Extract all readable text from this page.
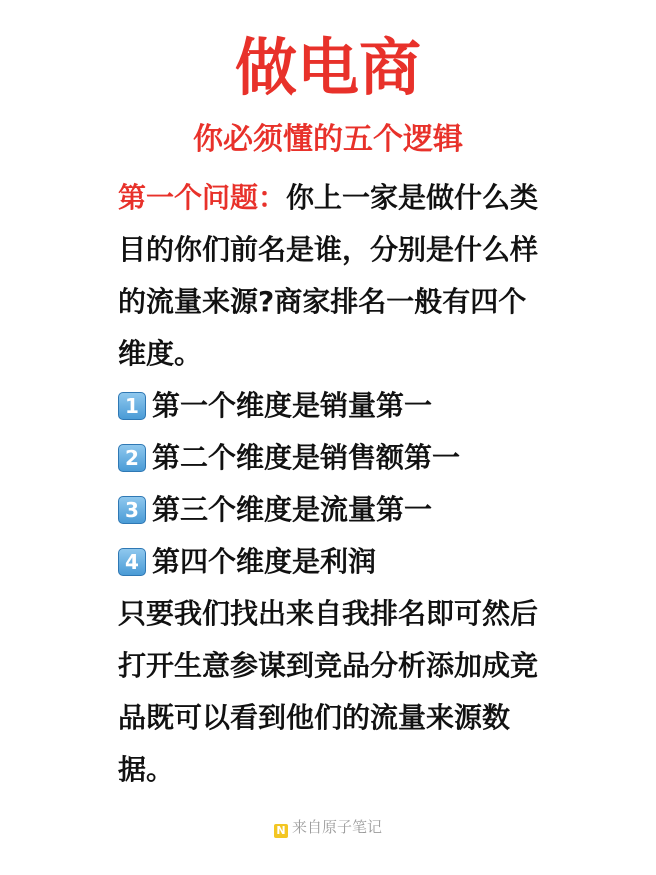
做电商
你必须懂的五个逻辑

第一个问题：你上一家是做什么类目的你们前名是谁，分别是什么样的流量来源?商家排名一般有四个维度。

1 第一个维度是销量第一
2 第二个维度是销售额第一
3 第三个维度是流量第一
4 第四个维度是利润

只要我们找出来自我排名即可然后打开生意参谋到竞品分析添加成竞品既可以看到他们的流量来源数据。

N 来自原子笔记
